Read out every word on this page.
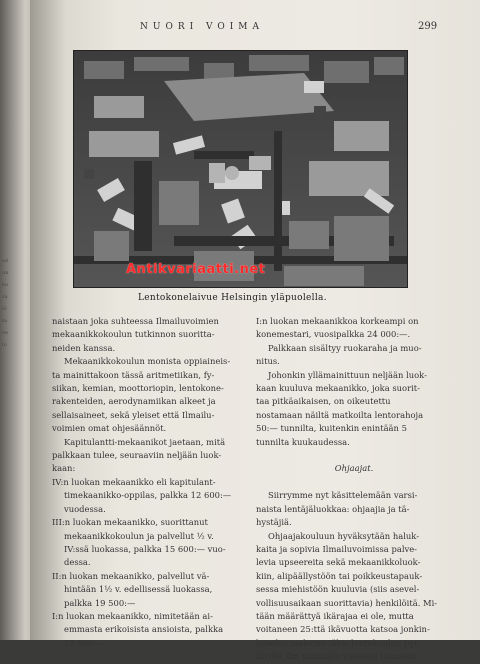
nö
un
ko
sa
iö
ta
ee
to
NUORI VOIMA	299
Antikvariaatti.net
Lentokonelaivue Helsingin yläpuolella.
naistaan joka suhteessa Ilmailuvoimien
mekaanikkokoulun tutkinnon suoritta-
neiden kanssa.
Mekaanikkokoulun monista oppiaineis-
ta mainittakoon tässä aritmetiikan, fy-
siikan, kemian, moottoriopin, lentokone-
rakenteiden, aerodynamiikan alkeet ja
sellaisaineet, sekä yleiset että Ilmailu-
voimien omat ohjesäännöt.
Kapitulantti-mekaanikot jaetaan, mitä
palkkaan tulee, seuraaviin neljään luok-
kaan:
IV:n luokan mekaanikko eli kapitulant-
timekaanikko-oppilas, palkka 12 600:—
vuodessa.
III:n luokan mekaanikko, suorittanut
mekaanikkokoulun ja palvellut ½ v.
IV:ssä luokassa, palkka 15 600:— vuo-
dessa.
II:n luokan mekaanikko, palvellut vä-
hintään 1½ v. edellisessä luokassa,
palkka 19 500:—
I:n luokan mekaanikko, nimitetään ai-
emmasta erikoisista ansioista, palkka
22 800:—,
I:n luokan mekaanikkoa korkeampi on
konemestari, vuosipalkka 24 000:—.
Palkkaan sisältyy ruokaraha ja muo-
nitus.
Johonkin yllämainittuun neljään luok-
kaan kuuluva mekaanikko, joka suorit-
taa pitkäaikaisen, on oikeutettu
nostamaan näiltä matkoilta lentorahoja
50:— tunnilta, kuitenkin enintään 5
tunnilta kuukaudessa.

Ohjaajat.

Siirrymme nyt käsittelemään varsi-
naista lentäjäluokkaa: ohjaajia ja tä-
hystäjiä.
Ohjaajakouluun hyväksytään haluk-
kaita ja sopivia Ilmailuvoimissa palve-
levia upseereita sekä mekaanikkoluok-
kiin, alipäällystöön tai poikkeustapauk-
sessa miehistöön kuuluvia (siis asevel-
vollisuusaikaan suorittavia) henkilöitä. Mi-
tään määrättyä ikärajaa ei ole, mutta
voitaneen 25:ttä ikävuotta katsoa jonkin-
laiseksi maksimi-iäksi lentokoulun pyr-
kiville. On nimittäin yleisesti tunnettu
